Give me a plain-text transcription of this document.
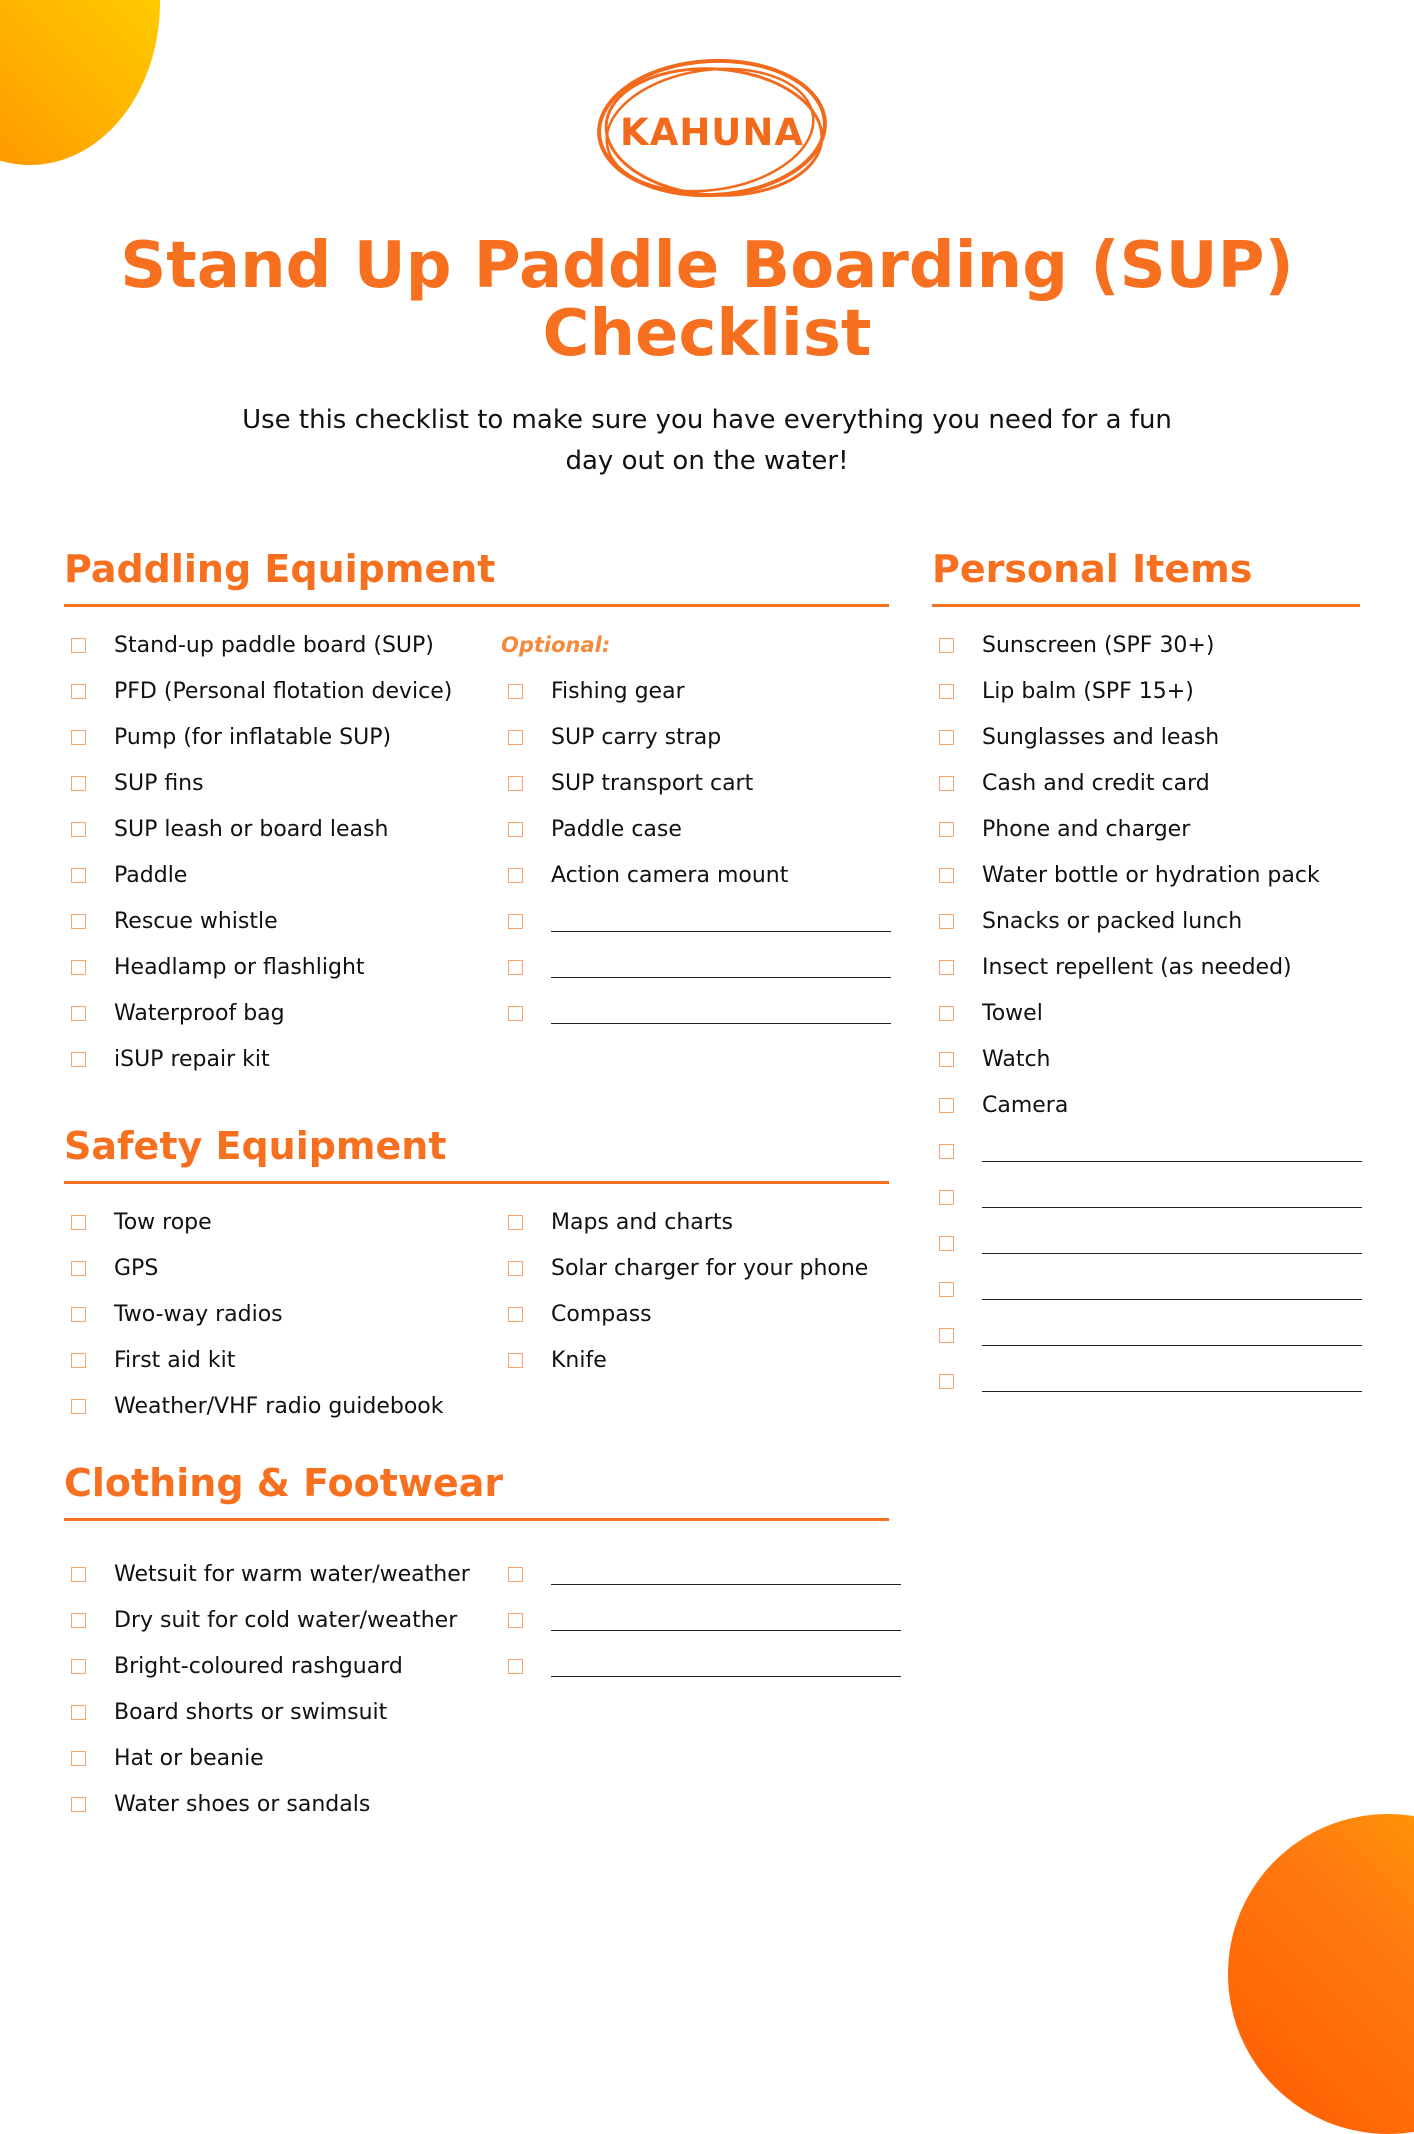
KAHUNA
Stand Up Paddle Boarding (SUP)
Checklist

Use this checklist to make sure you have everything you need for a fun
day out on the water!

Paddling Equipment
Stand-up paddle board (SUP)
PFD (Personal flotation device)
Pump (for inflatable SUP)
SUP fins
SUP leash or board leash
Paddle
Rescue whistle
Headlamp or flashlight
Waterproof bag
iSUP repair kit
Optional:
Fishing gear
SUP carry strap
SUP transport cart
Paddle case
Action camera mount
Safety Equipment
Tow rope
GPS
Two-way radios
First aid kit
Weather/VHF radio guidebook
Maps and charts
Solar charger for your phone
Compass
Knife
Clothing & Footwear
Wetsuit for warm water/weather
Dry suit for cold water/weather
Bright-coloured rashguard
Board shorts or swimsuit
Hat or beanie
Water shoes or sandals
Personal Items
Sunscreen (SPF 30+)
Lip balm (SPF 15+)
Sunglasses and leash
Cash and credit card
Phone and charger
Water bottle or hydration pack
Snacks or packed lunch
Insect repellent (as needed)
Towel
Watch
Camera
